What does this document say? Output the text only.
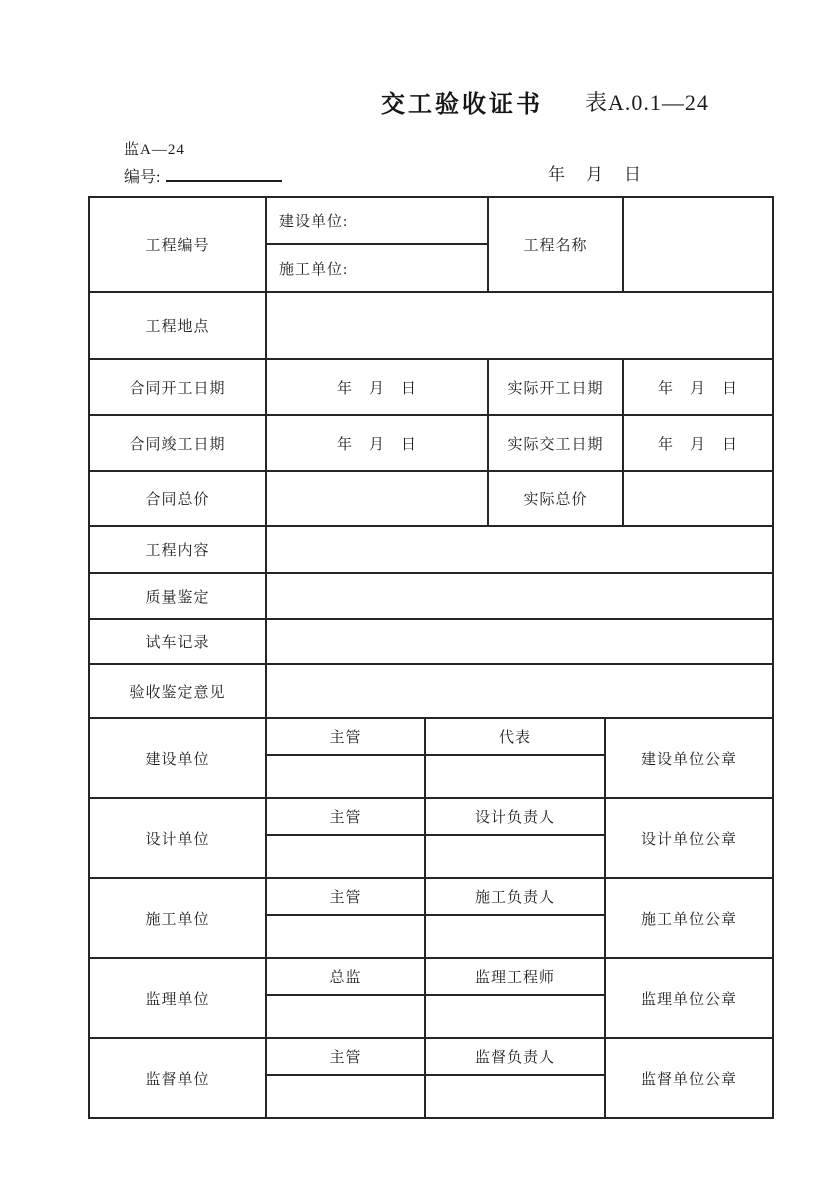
交工验收证书 表A.0.1—24
监A—24
编号:	年　月　日
工程编号	建设单位:		工程名称		
	施工单位:				
工程地点					
合同开工日期	年　月　日		实际开工日期		年　月　日
合同竣工日期	年　月　日		实际交工日期		年　月　日
合同总价			实际总价		
工程内容					
质量鉴定					
试车记录					
验收鉴定意见					
建设单位	主管	代表		建设单位公章	

设计单位	主管	设计负责人		设计单位公章	

施工单位	主管	施工负责人		施工单位公章	

监理单位	总监	监理工程师		监理单位公章	

监督单位	主管	监督负责人		监督单位公章	
